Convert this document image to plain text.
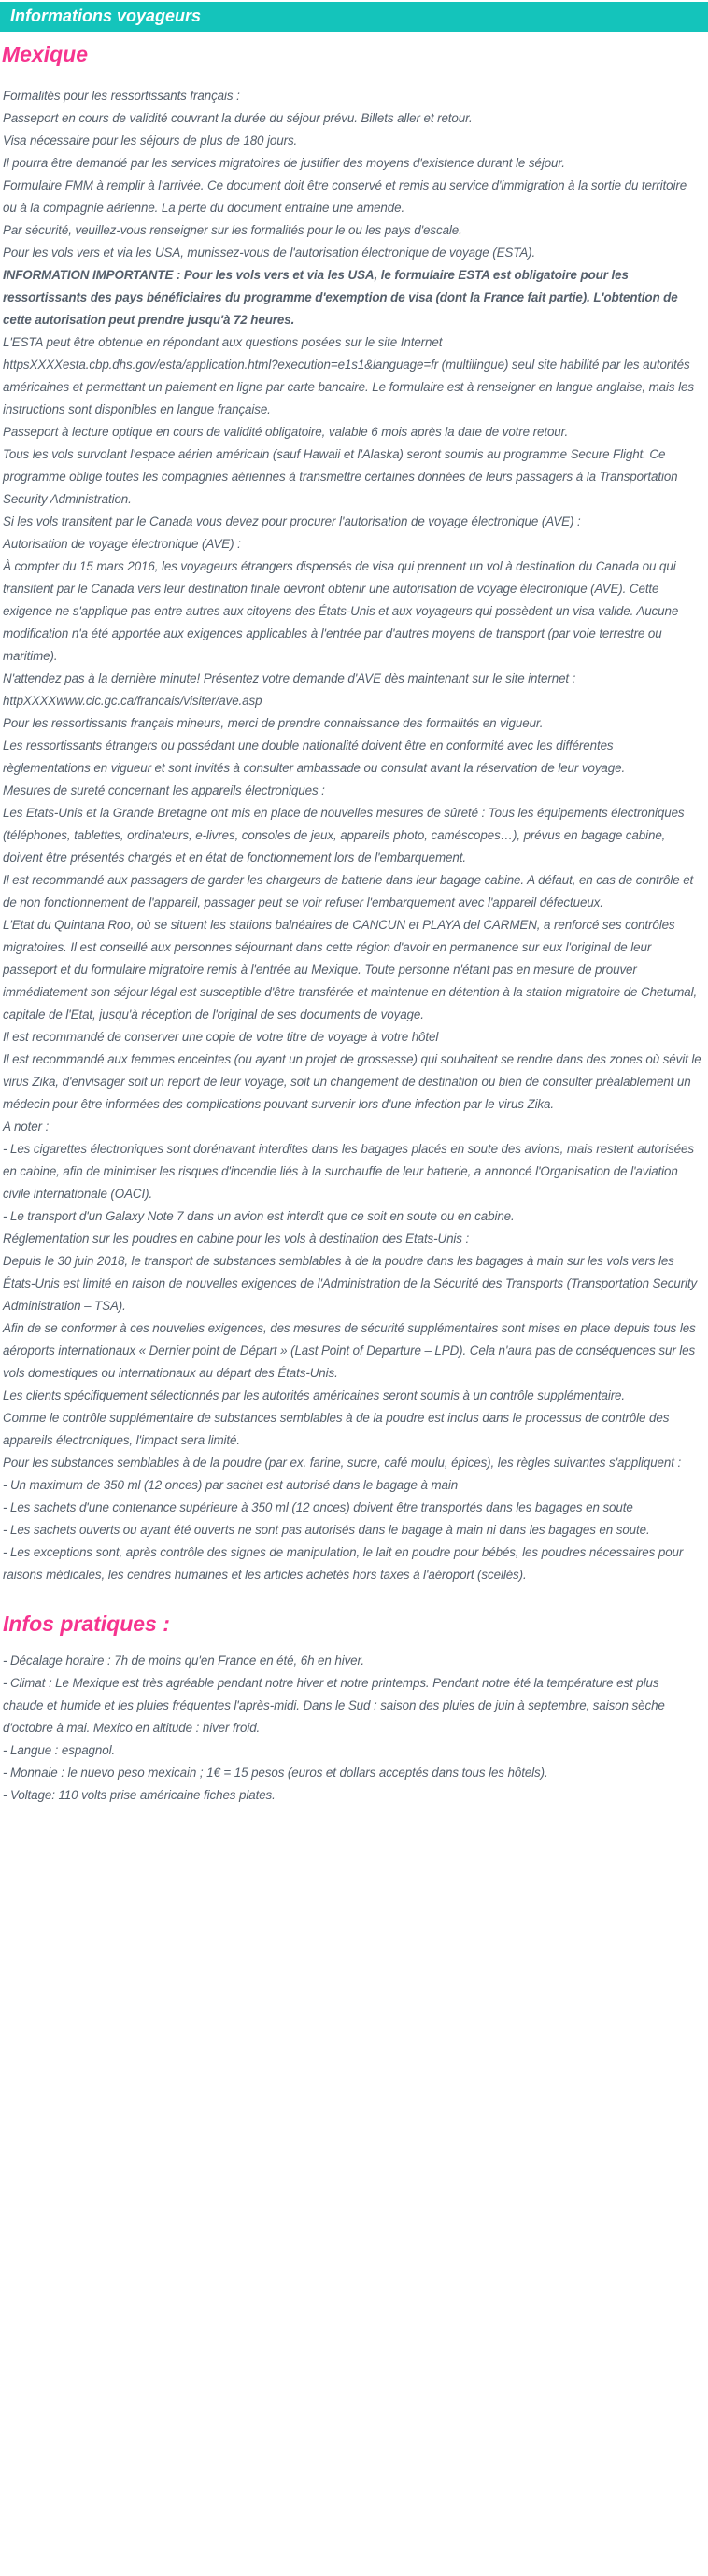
Informations voyageurs
Mexique

Formalités pour les ressortissants français :

Passeport en cours de validité couvrant la durée du séjour prévu. Billets aller et retour.

Visa nécessaire pour les séjours de plus de 180 jours.

Il pourra être demandé par les services migratoires de justifier des moyens d'existence durant le séjour.

Formulaire FMM à remplir à l'arrivée. Ce document doit être conservé et remis au service d'immigration à la sortie du territoire ou à la compagnie aérienne. La perte du document entraine une amende.

Par sécurité, veuillez-vous renseigner sur les formalités pour le ou les pays d'escale.

Pour les vols vers et via les USA, munissez-vous de l'autorisation électronique de voyage (ESTA).

INFORMATION IMPORTANTE : Pour les vols vers et via les USA, le formulaire ESTA est obligatoire pour les ressortissants des pays bénéficiaires du programme d'exemption de visa (dont la France fait partie). L'obtention de cette autorisation peut prendre jusqu'à 72 heures.

L'ESTA peut être obtenue en répondant aux questions posées sur le site Internet httpsXXXXesta.cbp.dhs.gov/esta/application.html?execution=e1s1&language=fr (multilingue) seul site habilité par les autorités américaines et permettant un paiement en ligne par carte bancaire. Le formulaire est à renseigner en langue anglaise, mais les instructions sont disponibles en langue française.

Passeport à lecture optique en cours de validité obligatoire, valable 6 mois après la date de votre retour.

Tous les vols survolant l'espace aérien américain (sauf Hawaii et l'Alaska) seront soumis au programme Secure Flight. Ce programme oblige toutes les compagnies aériennes à transmettre certaines données de leurs passagers à la Transportation Security Administration.

Si les vols transitent par le Canada vous devez pour procurer l'autorisation de voyage électronique (AVE) :

Autorisation de voyage électronique (AVE) :

À compter du 15 mars 2016, les voyageurs étrangers dispensés de visa qui prennent un vol à destination du Canada ou qui transitent par le Canada vers leur destination finale devront obtenir une autorisation de voyage électronique (AVE). Cette exigence ne s'applique pas entre autres aux citoyens des États-Unis et aux voyageurs qui possèdent un visa valide. Aucune modification n'a été apportée aux exigences applicables à l'entrée par d'autres moyens de transport (par voie terrestre ou maritime).

N'attendez pas à la dernière minute! Présentez votre demande d'AVE dès maintenant sur le site internet : httpXXXXwww.cic.gc.ca/francais/visiter/ave.asp

Pour les ressortissants français mineurs, merci de prendre connaissance des formalités en vigueur.

Les ressortissants étrangers ou possédant une double nationalité doivent être en conformité avec les différentes règlementations en vigueur et sont invités à consulter ambassade ou consulat avant la réservation de leur voyage.

Mesures de sureté concernant les appareils électroniques :

Les Etats-Unis et la Grande Bretagne ont mis en place de nouvelles mesures de sûreté : Tous les équipements électroniques (téléphones, tablettes, ordinateurs, e-livres, consoles de jeux, appareils photo, caméscopes…), prévus en bagage cabine, doivent être présentés chargés et en état de fonctionnement lors de l'embarquement.

Il est recommandé aux passagers de garder les chargeurs de batterie dans leur bagage cabine. A défaut, en cas de contrôle et de non fonctionnement de l'appareil, passager peut se voir refuser l'embarquement avec l'appareil défectueux.

L'Etat du Quintana Roo, où se situent les stations balnéaires de CANCUN et PLAYA del CARMEN, a renforcé ses contrôles migratoires. Il est conseillé aux personnes séjournant dans cette région d'avoir en permanence sur eux l'original de leur passeport et du formulaire migratoire remis à l'entrée au Mexique. Toute personne n'étant pas en mesure de prouver immédiatement son séjour légal est susceptible d'être transférée et maintenue en détention à la station migratoire de Chetumal, capitale de l'Etat, jusqu'à réception de l'original de ses documents de voyage.

Il est recommandé de conserver une copie de votre titre de voyage à votre hôtel

Il est recommandé aux femmes enceintes (ou ayant un projet de grossesse) qui souhaitent se rendre dans des zones où sévit le virus Zika, d'envisager soit un report de leur voyage, soit un changement de destination ou bien de consulter préalablement un médecin pour être informées des complications pouvant survenir lors d'une infection par le virus Zika.

A noter :

- Les cigarettes électroniques sont dorénavant interdites dans les bagages placés en soute des avions, mais restent autorisées en cabine, afin de minimiser les risques d'incendie liés à la surchauffe de leur batterie, a annoncé l'Organisation de l'aviation civile internationale (OACI).

- Le transport d'un Galaxy Note 7 dans un avion est interdit que ce soit en soute ou en cabine.

Réglementation sur les poudres en cabine pour les vols à destination des Etats-Unis :

Depuis le 30 juin 2018, le transport de substances semblables à de la poudre dans les bagages à main sur les vols vers les États-Unis est limité en raison de nouvelles exigences de l'Administration de la Sécurité des Transports (Transportation Security Administration – TSA).

Afin de se conformer à ces nouvelles exigences, des mesures de sécurité supplémentaires sont mises en place depuis tous les aéroports internationaux « Dernier point de Départ » (Last Point of Departure – LPD). Cela n'aura pas de conséquences sur les vols domestiques ou internationaux au départ des États-Unis.

Les clients spécifiquement sélectionnés par les autorités américaines seront soumis à un contrôle supplémentaire.

Comme le contrôle supplémentaire de substances semblables à de la poudre est inclus dans le processus de contrôle des appareils électroniques, l'impact sera limité.

Pour les substances semblables à de la poudre (par ex. farine, sucre, café moulu, épices), les règles suivantes s'appliquent :

- Un maximum de 350 ml (12 onces) par sachet est autorisé dans le bagage à main

- Les sachets d'une contenance supérieure à 350 ml (12 onces) doivent être transportés dans les bagages en soute

- Les sachets ouverts ou ayant été ouverts ne sont pas autorisés dans le bagage à main ni dans les bagages en soute.

- Les exceptions sont, après contrôle des signes de manipulation, le lait en poudre pour bébés, les poudres nécessaires pour raisons médicales, les cendres humaines et les articles achetés hors taxes à l'aéroport (scellés).

Infos pratiques :

- Décalage horaire : 7h de moins qu'en France en été, 6h en hiver.

- Climat : Le Mexique est très agréable pendant notre hiver et notre printemps. Pendant notre été la température est plus chaude et humide et les pluies fréquentes l'après-midi. Dans le Sud : saison des pluies de juin à septembre, saison sèche d'octobre à mai. Mexico en altitude : hiver froid.

- Langue : espagnol.

- Monnaie : le nuevo peso mexicain ; 1€ = 15 pesos (euros et dollars acceptés dans tous les hôtels).

- Voltage: 110 volts prise américaine fiches plates.
